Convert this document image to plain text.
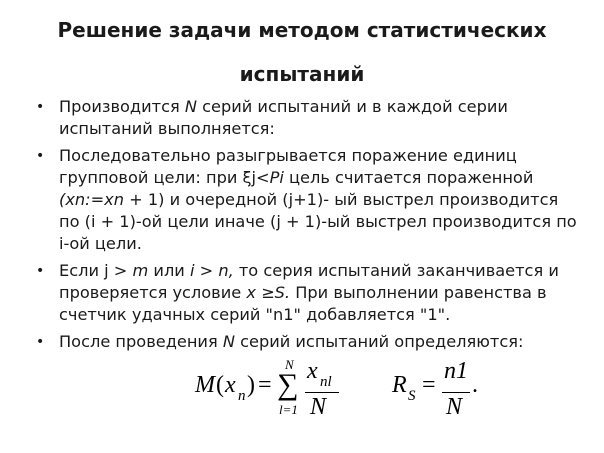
Решение задачи методом статистических
испытаний
• Производится N серий испытаний и в каждой серии
испытаний выполняется:
• Последовательно разыгрывается поражение единиц
групповой цели: при ξj<Pi цель считается пораженной
(xn:=xn + 1) и очередной (j+1)- ый выстрел производится
по (i + 1)-ой цели иначе (j + 1)-ый выстрел производится по
i-ой цели.
• Если j > m или i > n, то серия испытаний заканчивается и
проверяется условие x ≥S. При выполнении равенства в
счетчик удачных серий "n1" добавляется "1".
• После проведения N серий испытаний определяются:
M ( x n ) =
N
∑
l=1
x nl
N
R S =
n1
N
.
